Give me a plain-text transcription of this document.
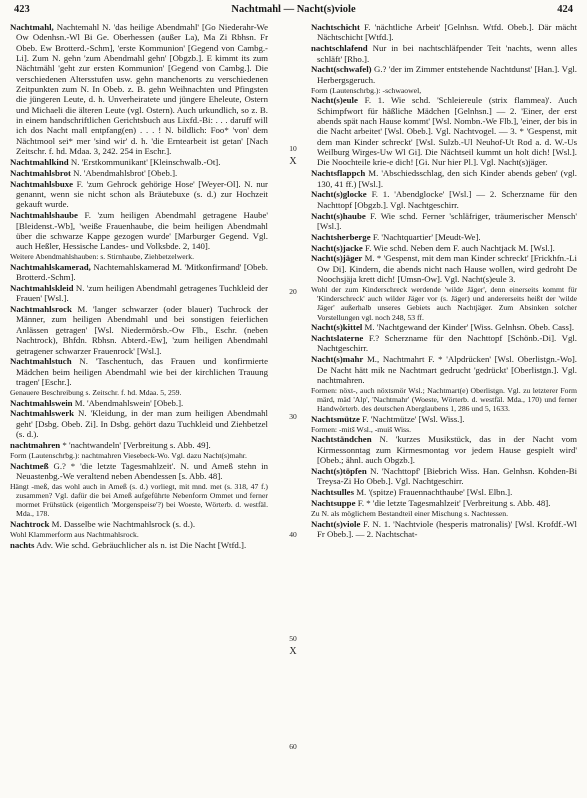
423	Nachtmahl — Nacht(s)viole	424

Nachtmahl, Nachtemahl N. 'das heilige Abendmahl' [Go Niederahr-We Ow Odenhsn.-Wl Bi Ge. Oberhessen (außer La), Ma Zi Rbhsn. Fr Obeb. Ew Brotterd.-Schm], 'erste Kommunion' [Gegend von Cambg.-Li]. Zum N. gehn 'zum Abendmahl gehn' [Obgzb.]. E kimmt its zum Nächtmähl 'geht zur ersten Kommunion' [Gegend von Cambg.]. Die verschiedenen Altersstufen usw. gehn manchenorts zu verschiedenen Zeitpunkten zum N. In Obeb. z. B. gehn Weihnachten und Pfingsten die jüngeren Leute, d. h. Unverheiratete und jüngere Eheleute, Ostern und Michaeli die älteren Leute (vgl. Ostern). Auch urkundlich, so z. B. in einem handschriftlichen Gerichtsbuch aus Lixfd.-Bi: . . . daruff will ich dos Nacht mall entpfang(en) . . . ! N. bildlich: Foo* 'von' dem Nächtmool sei* mer 'sind wir' d. h. 'die Erntearbeit ist getan' [Nach Zeitschr. f. hd. Mdaa. 3, 242. 254 in Eschr.].

Nachtmahlkind N. 'Erstkommunikant' [Kleinschwalb.-Ot].

Nachtmahlsbrot N. 'Abendmahlsbrot' [Obeb.].

Nachtmahlsbuxe F. 'zum Gehrock gehörige Hose' [Weyer-Ol]. N. nur genannt, wenn sie nicht schon als Bräutebuxe (s. d.) zur Hochzeit gekauft wurde.

Nachtmahlshaube F. 'zum heiligen Abendmahl getragene Haube' [Bleidenst.-Wb], 'weiße Frauenhaube, die beim heiligen Abendmahl über die schwarze Kappe gezogen wurde' [Marburger Gegend. Vgl. auch Heßler, Hessische Landes- und Volksbde. 2, 140].

Weitere Abendmahlshauben: s. Stirnhaube, Ziehbetzelwerk.

Nachtmahlskamerad, Nachtemahlskamerad M. 'Mitkonfirmand' [Obeb. Brotterd.-Schm].

Nachtmahlskleid N. 'zum heiligen Abendmahl getragenes Tuchkleid der Frauen' [Wsl.].

Nachtmahlsrock M. 'langer schwarzer (oder blauer) Tuchrock der Männer, zum heiligen Abendmahl und bei sonstigen feierlichen Anlässen getragen' [Wsl. Niedermörsb.-Ow Flb., Eschr. (neben Nachtrock), Bhfdn. Rbhsn. Abterd.-Ew], 'zum heiligen Abendmahl getragener schwarzer Frauenrock' [Wsl.].

Nachtmahlstuch N. 'Taschentuch, das Frauen und konfirmierte Mädchen beim heiligen Abendmahl wie bei der kirchlichen Trauung tragen' [Eschr.].

Genauere Beschreibung s. Zeitschr. f. hd. Mdaa. 5, 259.

Nachtmahlswein M. 'Abendmahlswein' [Obeb.].

Nachtmahlswerk N. 'Kleidung, in der man zum heiligen Abendmahl geht' [Dsbg. Obeb. Zi]. In Dsbg. gehört dazu Tuchkleid und Ziehbetzel (s. d.).

nachtmahren * 'nachtwandeln' [Verbreitung s. Abb. 49].

Form (Lautenschrbg.): nachtmahren Viesebeck-Wo. Vgl. dazu Nacht(s)mahr.

Nachtmeß G.? * 'die letzte Tagesmahlzeit'. N. und Ameß stehn in Neuastenbg.-We veraltend neben Abendessen [s. Abb. 48].

Hängt -meß, das wohl auch in Ameß (s. d.) vorliegt, mit mnd. met (s. 318, 47 f.) zusammen? Vgl. dafür die bei Ameß aufgeführte Nebenform Ommet und ferner mormet Frühstück (eigentlich 'Morgenspeise'?) bei Woeste, Wörterb. d. westfäl. Mda., 178.

Nachtrock M. Dasselbe wie Nachtmahlsrock (s. d.).

Wohl Klammerform aus Nachtmahlsrock.

nachts Adv. Wie schd. Gebräuchlicher als n. ist Die Nacht [Wtfd.].

10
X
20
30
40
50
X
60

Nachtschicht F. 'nächtliche Arbeit' [Gelnhsn. Wtfd. Obeb.]. Där mächt Nächtschicht [Wtfd.].

nachtschlafend Nur in bei nachtschläfpender Teit 'nachts, wenn alles schläft' [Rho.].

Nacht(schwafel) G.? 'der im Zimmer entstehende Nachtdunst' [Han.]. Vgl. Herbergsgeruch.

Form (Lautenschrbg.): -schwaowel,

Nacht(s)eule F. 1. Wie schd. 'Schleiereule (strix flammea)'. Auch Schimpfwort für häßliche Mädchen [Gelnhsn.] — 2. 'Einer, der erst abends spät nach Hause kommt' [Wsl. Nombn.-We Flb.], 'einer, der bis in die Nacht arbeitet' [Wsl. Obeb.]. Vgl. Nachtvogel. — 3. * 'Gespenst, mit dem man Kinder schreckt' [Wsl. Sulzb.-Ul Neuhof-Ut Rod a. d. W.-Us Weilburg Wirges-Uw Wl Gi]. Die Nächtseil kummt un holt dich! [Wsl.]. Die Noochteile krie-e dich! [Gi. Nur hier Pl.]. Vgl. Nacht(s)jäger.

Nachtsflappch M. 'Abschiedsschlag, den sich Kinder abends geben' (vgl. 130, 41 ff.) [Wsl.].

Nacht(s)glocke F. 1. 'Abendglocke' [Wsl.] — 2. Scherzname für den Nachttopf [Obgzb.]. Vgl. Nachtgeschirr.

Nacht(s)haube F. Wie schd. Ferner 'schläfriger, träumerischer Mensch' [Wsl.].

Nachtsherberge F. 'Nachtquartier' [Meudt-We].

Nacht(s)jacke F. Wie schd. Neben dem F. auch Nachtjack M. [Wsl.].

Nacht(s)jäger M. * 'Gespenst, mit dem man Kinder schreckt' [Frickhfn.-Li Ow Di]. Kindern, die abends nicht nach Hause wollen, wird gedroht De Noochsjäja krett dich! [Umsn-Ow]. Vgl. Nacht(s)eule 3.

Wohl der zum Kinderschreck werdende 'wilde Jäger', denn einerseits kommt für 'Kinderschreck' auch wilder Jäger vor (s. Jäger) und andererseits heißt der 'wilde Jäger' außerhalb unseres Gebiets auch Nachtjäger. Zum Absinken solcher Vorstellungen vgl. noch 248, 53 ff.

Nacht(s)kittel M. 'Nachtgewand der Kinder' [Wiss. Gelnhsn. Obeb. Cass].

Nachtslaterne F.? Scherzname für den Nachttopf [Schönb.-Di]. Vgl. Nachtgeschirr.

Nacht(s)mahr M., Nachtmahrt F. * 'Alpdrücken' [Wsl. Oberlistgn.-Wo]. De Nacht hätt mik ne Nachtmart gedrucht 'gedrückt' [Oberlistgn.]. Vgl. nachtmahren.

Formen: nöxt-, auch nöxtsmör Wsl.; Nachtmart(e) Oberlistgn. Vgl. zu letzterer Form märd, mäd 'Alp', 'Nachtmahr' (Woeste, Wörterb. d. westfäl. Mda., 170) und ferner Handwörterb. des deutschen Aberglaubens 1, 286 und 5, 1633.

Nachtsmütze F. 'Nachtmütze' [Wsl. Wiss.].

Formen: -mitš Wsl., -muiš Wiss.

Nachtständchen N. 'kurzes Musikstück, das in der Nacht vom Kirmessonntag zum Kirmesmontag vor jedem Hause gespielt wird' [Obeb.; ähnl. auch Obgzb.].

Nacht(s)töpfen N. 'Nachttopf' [Biebrich Wiss. Han. Gelnhsn. Kohden-Bi Treysa-Zi Ho Obeb.]. Vgl. Nachtgeschirr.

Nachtsulles M. '(spitze) Frauennachthaube' [Wsl. Elbn.].

Nachtsuppe F. * 'die letzte Tagesmahlzeit' [Verbreitung s. Abb. 48].

Zu N. als möglichem Bestandteil einer Mischung s. Nachtessen.

Nacht(s)viole F. N. 1. 'Nachtviole (hesperis matronalis)' [Wsl. Krofdf.-Wl Fr Obeb.]. — 2. Nachtschat-
